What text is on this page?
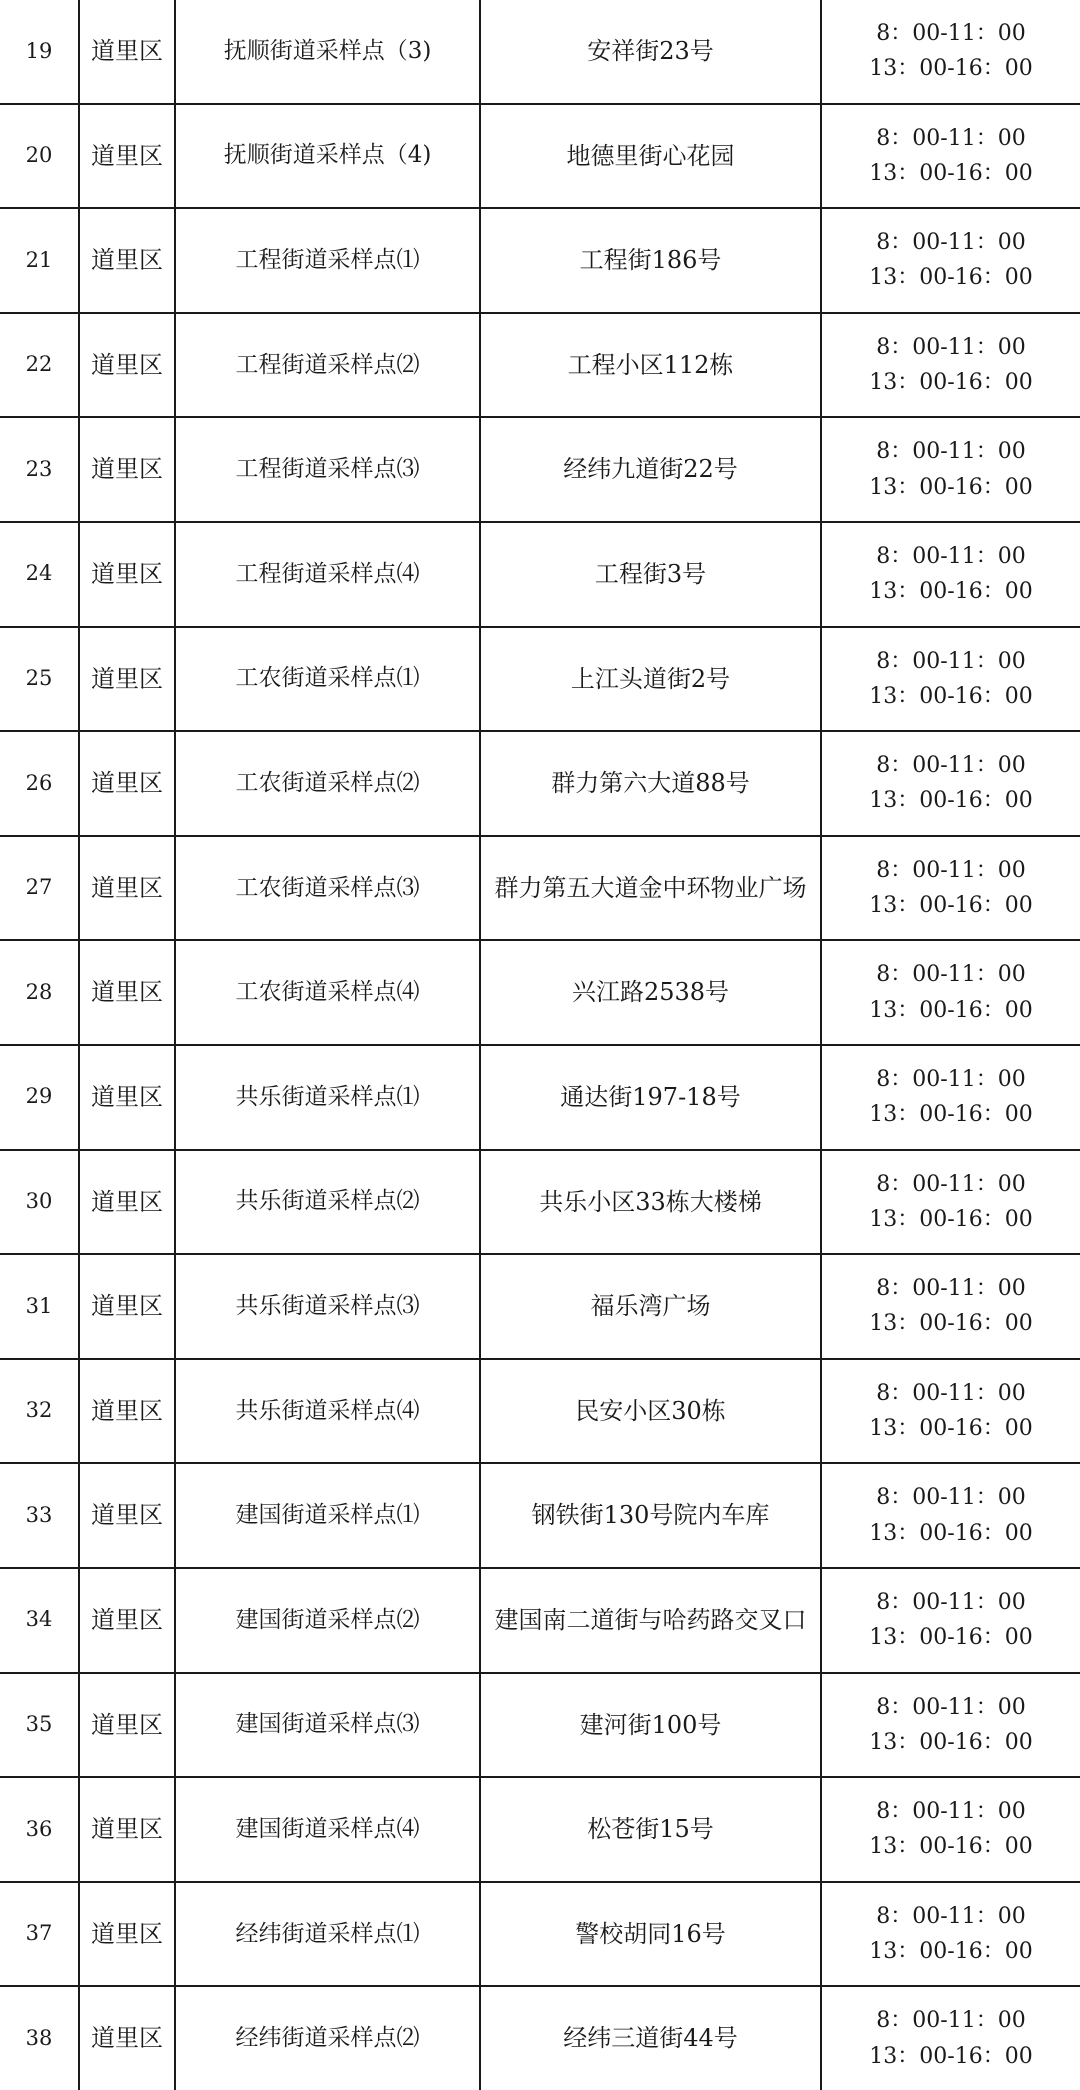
19	道里区	抚顺街道采样点（3)	安祥街23号	8：00-11：00
13：00-16：00

20	道里区	抚顺街道采样点（4)	地德里街心花园	8：00-11：00
13：00-16：00

21	道里区	工程街道采样点⑴	工程街186号	8：00-11：00
13：00-16：00

22	道里区	工程街道采样点⑵	工程小区112栋	8：00-11：00
13：00-16：00

23	道里区	工程街道采样点⑶	经纬九道街22号	8：00-11：00
13：00-16：00

24	道里区	工程街道采样点⑷	工程街3号	8：00-11：00
13：00-16：00

25	道里区	工农街道采样点⑴	上江头道街2号	8：00-11：00
13：00-16：00

26	道里区	工农街道采样点⑵	群力第六大道88号	8：00-11：00
13：00-16：00

27	道里区	工农街道采样点⑶	群力第五大道金中环物业广场	8：00-11：00
13：00-16：00

28	道里区	工农街道采样点⑷	兴江路2538号	8：00-11：00
13：00-16：00

29	道里区	共乐街道采样点⑴	通达街197-18号	8：00-11：00
13：00-16：00

30	道里区	共乐街道采样点⑵	共乐小区33栋大楼梯	8：00-11：00
13：00-16：00

31	道里区	共乐街道采样点⑶	福乐湾广场	8：00-11：00
13：00-16：00

32	道里区	共乐街道采样点⑷	民安小区30栋	8：00-11：00
13：00-16：00

33	道里区	建国街道采样点⑴	钢铁街130号院内车库	8：00-11：00
13：00-16：00

34	道里区	建国街道采样点⑵	建国南二道街与哈药路交叉口	8：00-11：00
13：00-16：00

35	道里区	建国街道采样点⑶	建河街100号	8：00-11：00
13：00-16：00

36	道里区	建国街道采样点⑷	松苍街15号	8：00-11：00
13：00-16：00

37	道里区	经纬街道采样点⑴	警校胡同16号	8：00-11：00
13：00-16：00

38	道里区	经纬街道采样点⑵	经纬三道街44号	8：00-11：00
13：00-16：00
